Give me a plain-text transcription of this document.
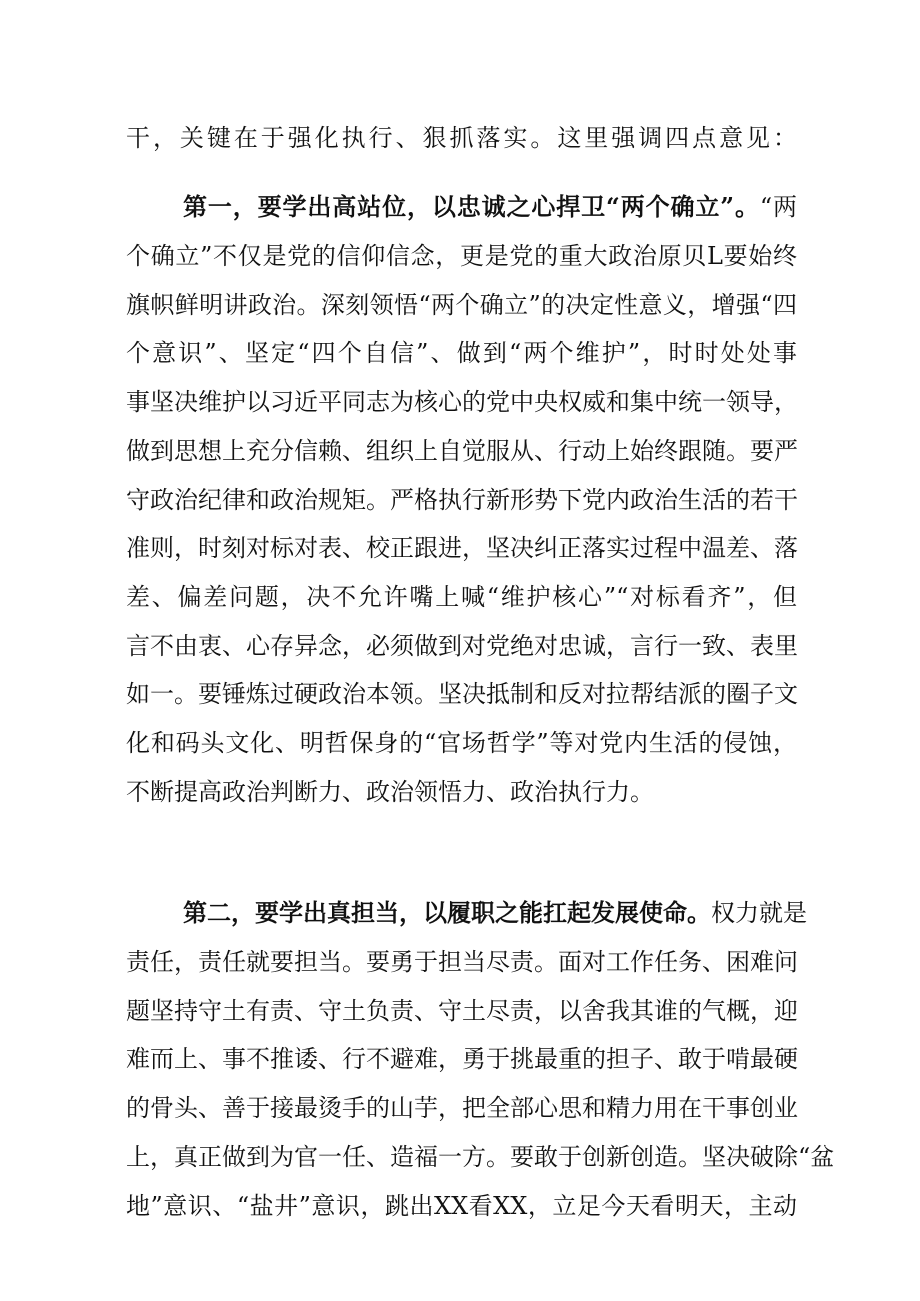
干，关键在于强化执行、狠抓落实。这里强调四点意见：
第一，要学出高站位，以忠诚之心捍卫“两个确立”。“两
个确立”不仅是党的信仰信念，更是党的重大政治原贝L要始终
旗帜鲜明讲政治。深刻领悟“两个确立”的决定性意义，增强“四
个意识”、坚定“四个自信”、做到“两个维护”，时时处处事
事坚决维护以习近平同志为核心的党中央权威和集中统一领导，
做到思想上充分信赖、组织上自觉服从、行动上始终跟随。要严
守政治纪律和政治规矩。严格执行新形势下党内政治生活的若干
准则，时刻对标对表、校正跟进，坚决纠正落实过程中温差、落
差、偏差问题，决不允许嘴上喊“维护核心”“对标看齐”，但
言不由衷、心存异念，必须做到对党绝对忠诚，言行一致、表里
如一。要锤炼过硬政治本领。坚决抵制和反对拉帮结派的圈子文
化和码头文化、明哲保身的“官场哲学”等对党内生活的侵蚀，
不断提高政治判断力、政治领悟力、政治执行力。
第二，要学出真担当，以履职之能扛起发展使命。权力就是
责任，责任就要担当。要勇于担当尽责。面对工作任务、困难问
题坚持守土有责、守土负责、守土尽责，以舍我其谁的气概，迎
难而上、事不推诿、行不避难，勇于挑最重的担子、敢于啃最硬
的骨头、善于接最烫手的山芋，把全部心思和精力用在干事创业
上，真正做到为官一任、造福一方。要敢于创新创造。坚决破除“盆
地”意识、“盐井”意识，跳出XX看XX，立足今天看明天，主动
